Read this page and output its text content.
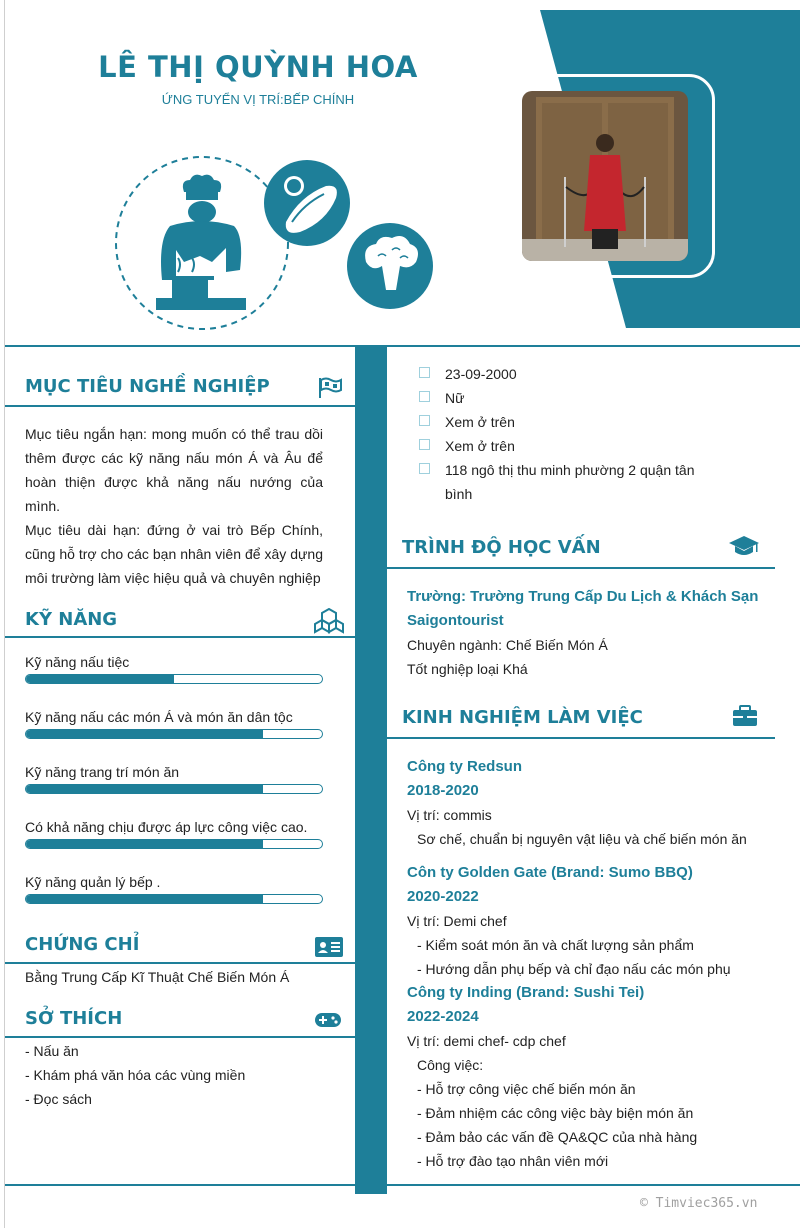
LÊ THỊ QUỲNH HOA
ỨNG TUYỂN VỊ TRÍ:BẾP CHÍNH
MỤC TIÊU NGHỀ NGHIỆP
Mục tiêu ngắn hạn: mong muốn có thể trau dồi
thêm được các kỹ năng nấu món Á và Âu để
hoàn thiện được khả năng nấu nướng của
mình.
Mục tiêu dài hạn: đứng ở vai trò Bếp Chính,
cũng hỗ trợ cho các bạn nhân viên để xây dựng
môi trường làm việc hiệu quả và chuyên nghiệp
KỸ NĂNG
Kỹ năng nấu tiệc
Kỹ năng nấu các món Á và món ăn dân tộc
Kỹ năng trang trí món ăn
Có khả năng chịu được áp lực công việc cao.
Kỹ năng quản lý bếp .
CHỨNG CHỈ
Bằng Trung Cấp Kĩ Thuật Chế Biến Món Á
SỞ THÍCH
- Nấu ăn
- Khám phá văn hóa các vùng miền
- Đọc sách
23-09-2000
Nữ
Xem ở trên
Xem ở trên
118 ngô thị thu minh phường 2 quận tân
bình
TRÌNH ĐỘ HỌC VẤN
Trường: Trường Trung Cấp Du Lịch & Khách Sạn
Saigontourist
Chuyên ngành: Chế Biến Món Á
Tốt nghiệp loại Khá
KINH NGHIỆM LÀM VIỆC
Công ty Redsun
2018-2020
Vị trí: commis
Sơ chế, chuẩn bị nguyên vật liệu và chế biến món ăn
Côn ty Golden Gate (Brand: Sumo BBQ)
2020-2022
Vị trí: Demi chef
- Kiểm soát món ăn và chất lượng sản phẩm
- Hướng dẫn phụ bếp và chỉ đạo nấu các món phụ
Công ty Inding (Brand: Sushi Tei)
2022-2024
Vị trí: demi chef- cdp chef
Công việc:
- Hỗ trợ công việc chế biến món ăn
- Đảm nhiệm các công việc bày biện món ăn
- Đảm bảo các vấn đề QA&QC của nhà hàng
- Hỗ trợ đào tạo nhân viên mới
© Timviec365.vn
